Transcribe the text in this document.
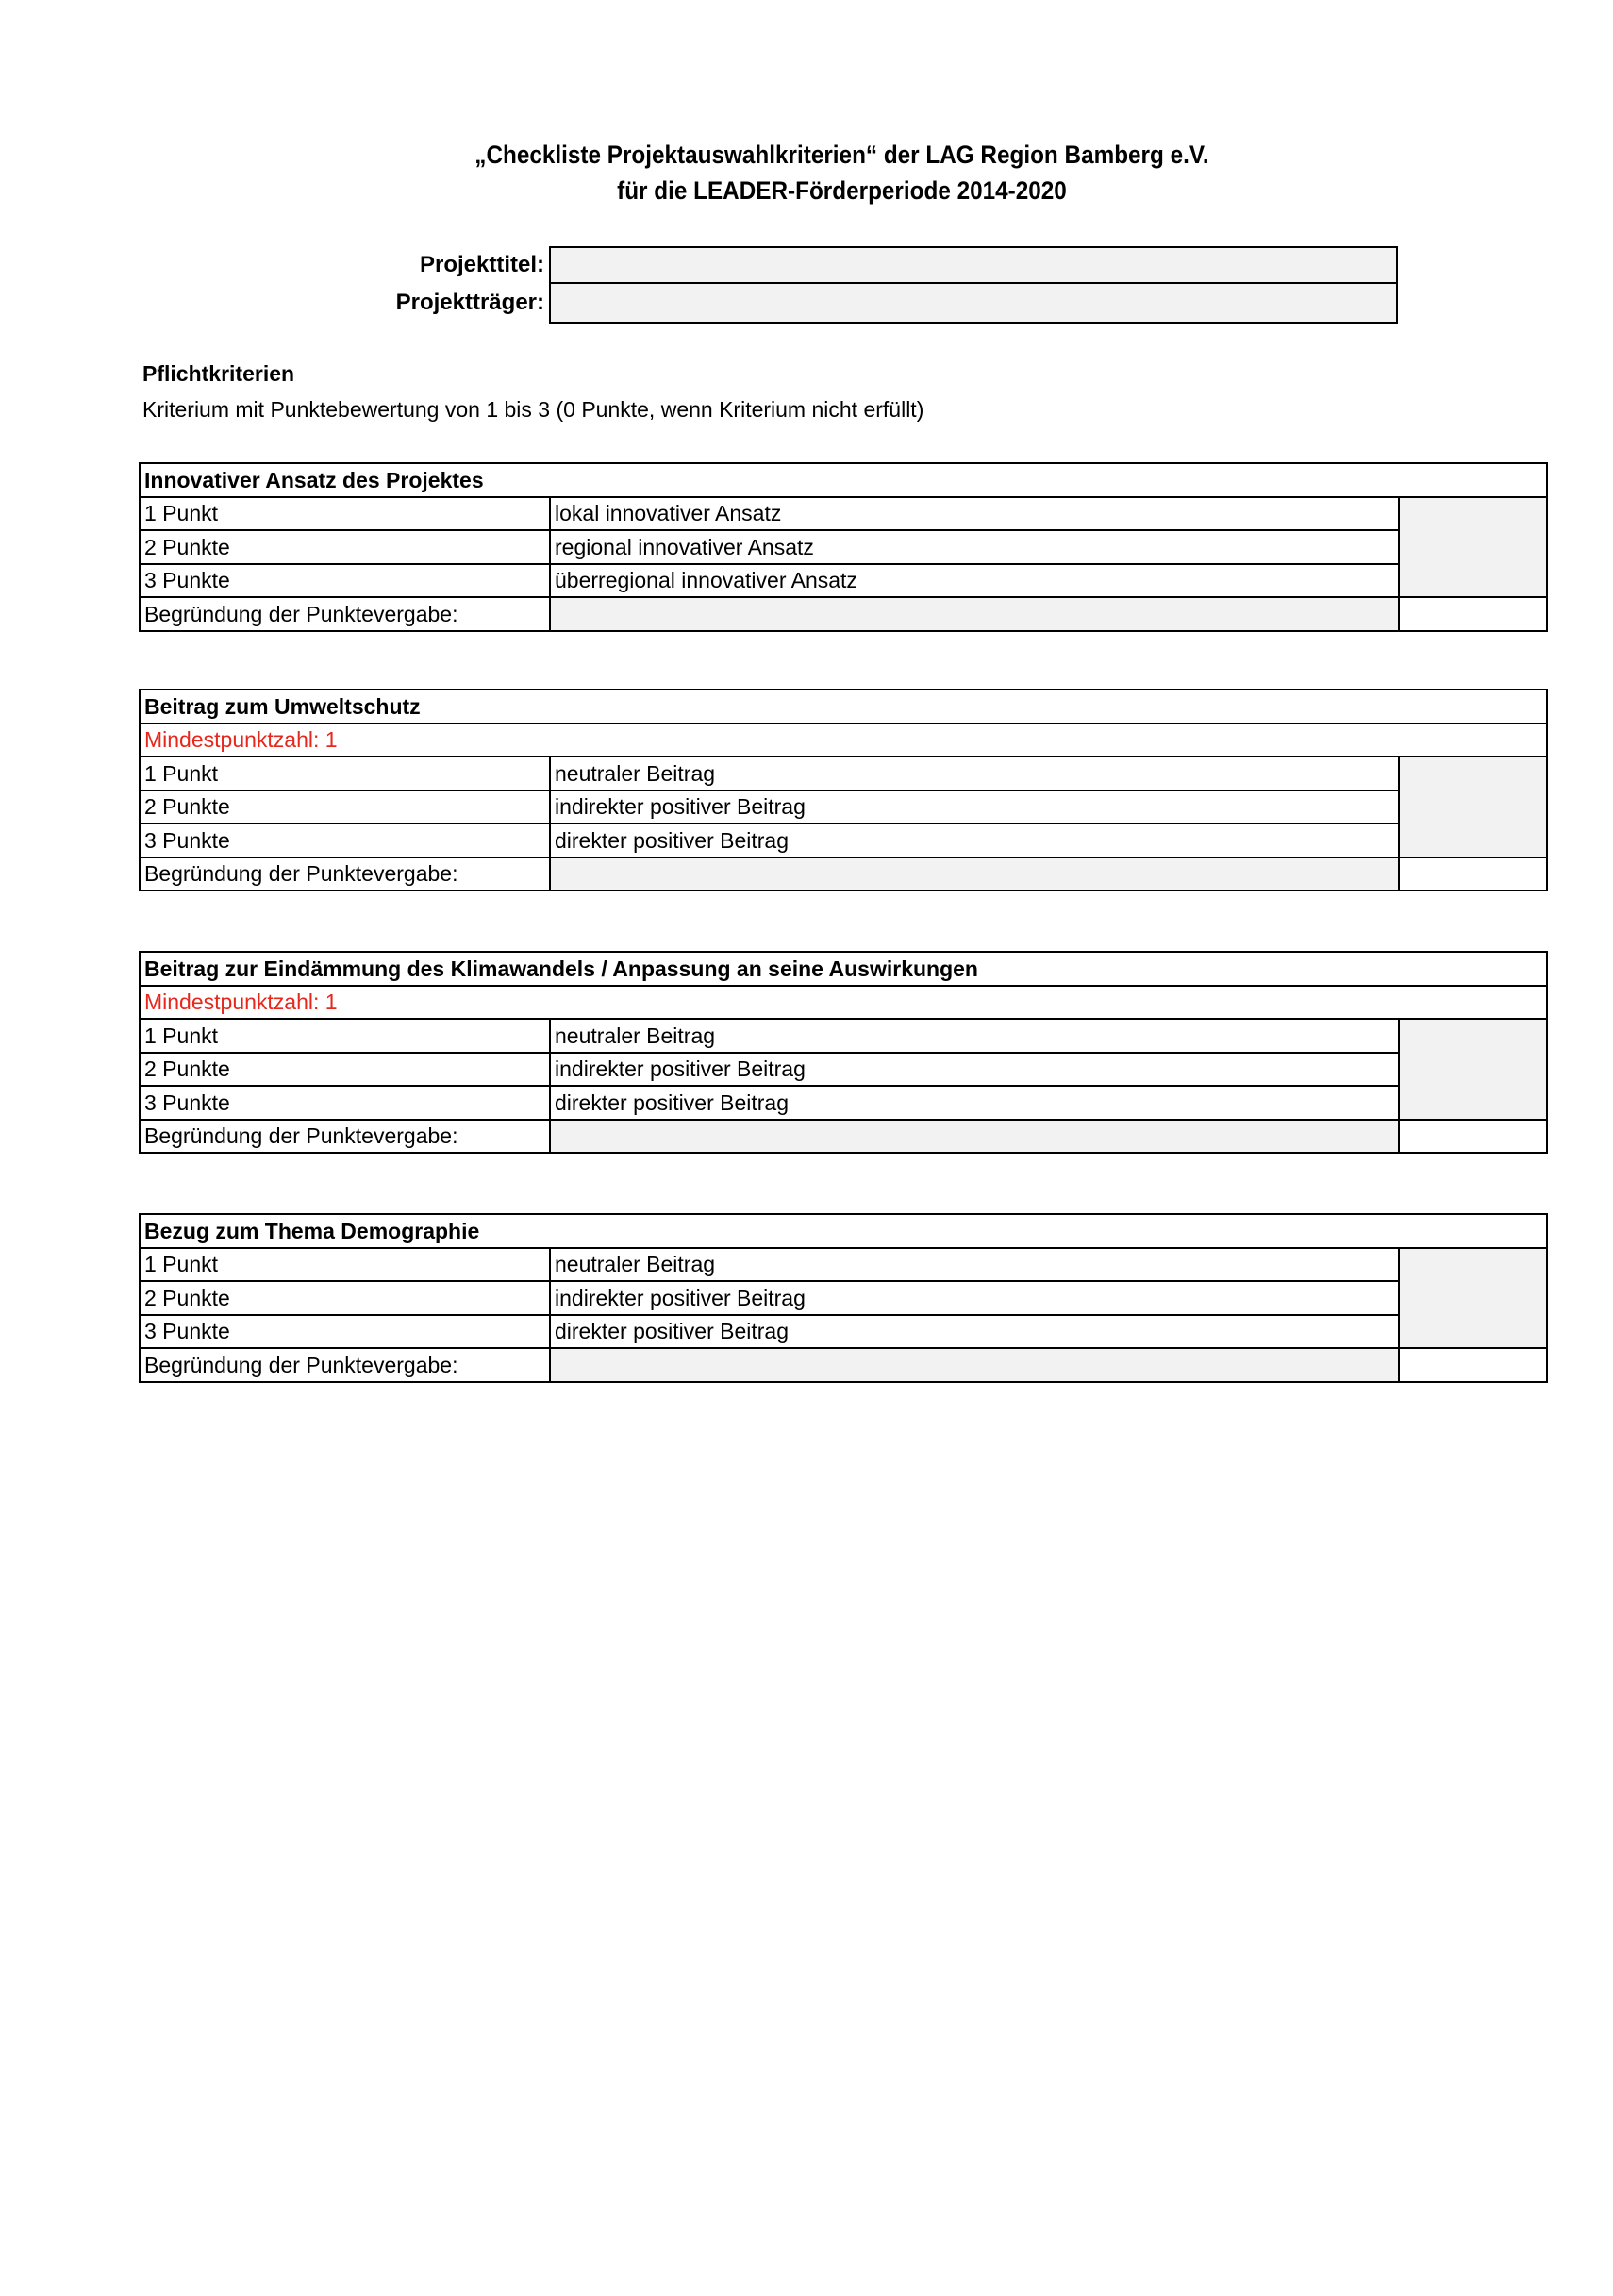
„Checkliste Projektauswahlkriterien“ der LAG Region Bamberg e.V.
für die LEADER-Förderperiode 2014-2020
Projekttitel:
Projektträger:
Pflichtkriterien
Kriterium mit Punktebewertung von 1 bis 3 (0 Punkte, wenn Kriterium nicht erfüllt)
Innovativer Ansatz des Projektes		
1 Punkt	lokal innovativer Ansatz	
2 Punkte	regional innovativer Ansatz	
3 Punkte	überregional innovativer Ansatz	
Begründung der Punktevergabe:		
Beitrag zum Umweltschutz		
Mindestpunktzahl: 1		
1 Punkt	neutraler Beitrag	
2 Punkte	indirekter positiver Beitrag	
3 Punkte	direkter positiver Beitrag	
Begründung der Punktevergabe:		
Beitrag zur Eindämmung des Klimawandels / Anpassung an seine Auswirkungen		
Mindestpunktzahl: 1		
1 Punkt	neutraler Beitrag	
2 Punkte	indirekter positiver Beitrag	
3 Punkte	direkter positiver Beitrag	
Begründung der Punktevergabe:		
Bezug zum Thema Demographie		
1 Punkt	neutraler Beitrag	
2 Punkte	indirekter positiver Beitrag	
3 Punkte	direkter positiver Beitrag	
Begründung der Punktevergabe:		
